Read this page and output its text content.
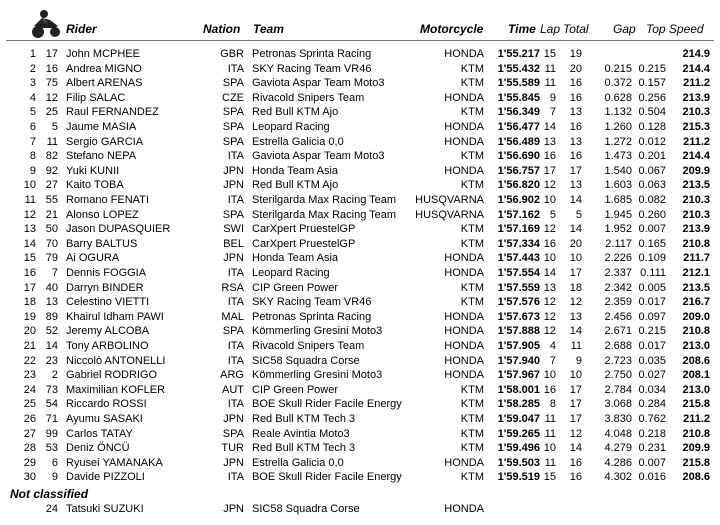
Rider	Nation Team	Motorcycle Time Lap Total Gap Top Speed
1 17 John MCPHEE	GBR Petronas Sprinta Racing	HONDA	1'55.217 15	19	214.9
2 16 Andrea MIGNO	ITA SKY Racing Team VR46	KTM	1'55.432 11	20	0.215 0.215	214.4
3 75 Albert ARENAS	SPA Gaviota Aspar Team Moto3	KTM	1'55.589 11	16	0.372 0.157	211.2
4 12 Filip SALAC	CZE Rivacold Snipers Team	HONDA	1'55.845 9	16	0.628 0.256	213.9
5 25 Raul FERNANDEZ	SPA Red Bull KTM Ajo	KTM	1'56.349 7	13	1.132 0.504	210.3
6	5 Jaume MASIA	SPA Leopard Racing	HONDA	1'56.477 14	16	1.260 0.128	215.3
7 11 Sergio GARCIA	SPA Estrella Galicia 0,0	HONDA	1'56.489 13	13	1.272 0.012	211.2
8 82 Stefano NEPA	ITA Gaviota Aspar Team Moto3	KTM	1'56.690 16	16	1.473 0.201	214.4
9 92 Yuki KUNII	JPN Honda Team Asia	HONDA	1'56.757 17	17	1.540 0.067	209.9
10 27 Kaito TOBA	JPN Red Bull KTM Ajo	KTM	1'56.820 12	13	1.603 0.063	213.5
11 55 Romano FENATI	ITA Sterilgarda Max Racing Team	HUSQVARNA	1'56.902 10	14	1.685 0.082	210.3
12 21 Alonso LOPEZ	SPA Sterilgarda Max Racing Team	HUSQVARNA	1'57.162 5	5	1.945 0.260	210.3
13 50 Jason DUPASQUIER	SWI CarXpert PruestelGP	KTM	1'57.169 12	14	1.952 0.007	213.9
14 70 Barry BALTUS	BEL CarXpert PruestelGP	KTM	1'57.334 16	20	2.117 0.165	210.8
15 79 Ai OGURA	JPN Honda Team Asia	HONDA	1'57.443 10	10	2.226 0.109	211.7
16	7 Dennis FOGGIA	ITA Leopard Racing	HONDA	1'57.554 14	17	2.337 0.111	212.1
17 40 Darryn BINDER	RSA CIP Green Power	KTM	1'57.559 13	18	2.342 0.005	213.5
18 13 Celestino VIETTI	ITA SKY Racing Team VR46	KTM	1'57.576 12	12	2.359 0.017	216.7
19 89 Khairul Idham PAWI	MAL Petronas Sprinta Racing	HONDA	1'57.673 12	13	2.456 0.097	209.0
20 52 Jeremy ALCOBA	SPA Kömmerling Gresini Moto3	HONDA	1'57.888 12	14	2.671 0.215	210.8
21 14 Tony ARBOLINO	ITA Rivacold Snipers Team	HONDA	1'57.905 4	11	2.688 0.017	213.0
22 23 Niccolò ANTONELLI	ITA SIC58 Squadra Corse	HONDA	1'57.940 7	9	2.723 0.035	208.6
23	2 Gabriel RODRIGO	ARG Kömmerling Gresini Moto3	HONDA	1'57.967 10	10	2.750 0.027	208.1
24 73 Maximilian KOFLER	AUT CIP Green Power	KTM	1'58.001 16	17	2.784 0.034	213.0
25 54 Riccardo ROSSI	ITA BOE Skull Rider Facile Energy	KTM	1'58.285 8	17	3.068 0.284	215.8
26 71 Ayumu SASAKI	JPN Red Bull KTM Tech 3	KTM	1'59.047 11	17	3.830 0.762	211.2
27 99 Carlos TATAY	SPA Reale Avintia Moto3	KTM	1'59.265 11	12	4.048 0.218	210.8
28 53 Deniz ÖNCÜ	TUR Red Bull KTM Tech 3	KTM	1'59.496 10	14	4.279 0.231	209.9
29	6 Ryusei YAMANAKA	JPN Estrella Galicia 0,0	HONDA	1'59.503 11	16	4.286 0.007	215.8
30	9 Davide PIZZOLI	ITA BOE Skull Rider Facile Energy	KTM	1'59.519 15	16	4.302 0.016	208.6
Not classified
24 Tatsuki SUZUKI	JPN SIC58 Squadra Corse	HONDA
